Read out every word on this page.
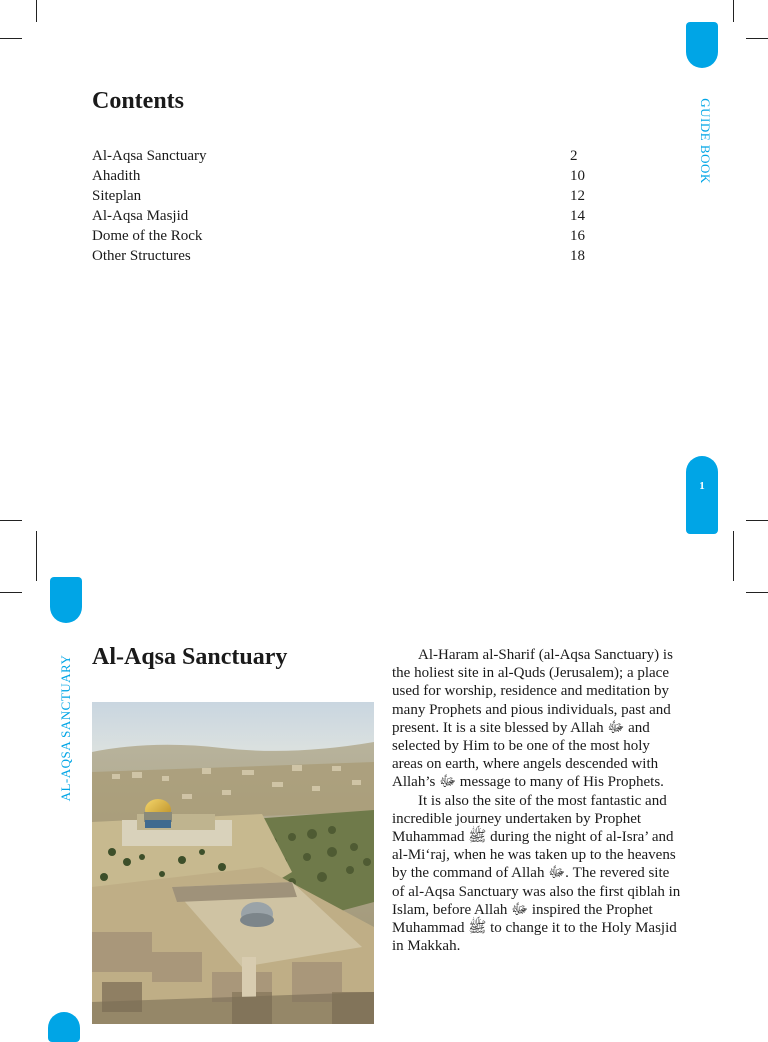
GUIDE BOOK
Contents
Al-Aqsa Sanctuary	2
Ahadith	10
Siteplan	12
Al-Aqsa Masjid	14
Dome of the Rock	16
Other Structures	18
1
AL-AQSA SANCTUARY Al-Aqsa Sanctuary	Al-Haram al-Sharif (al-Aqsa Sanctuary) is the holiest site in al-Quds (Jerusalem); a place used for worship, residence and meditation by many Prophets and pious individuals, past and present. It is a site blessed by Allah ﷻ and selected by Him to be one of the most holy areas on earth, where angels descended with Allah’s ﷻ message to many of His Prophets.

It is also the site of the most fantastic and incredible journey undertaken by Prophet Muhammad ﷺ during the night of al-Isra’ and al-Mi‘raj, when he was taken up to the heavens by the command of Allah ﷻ. The revered site of al-Aqsa Sanctuary was also the first qiblah in Islam, before Allah ﷻ inspired the Prophet Muhammad ﷺ to change it to the Holy Masjid in Makkah.
